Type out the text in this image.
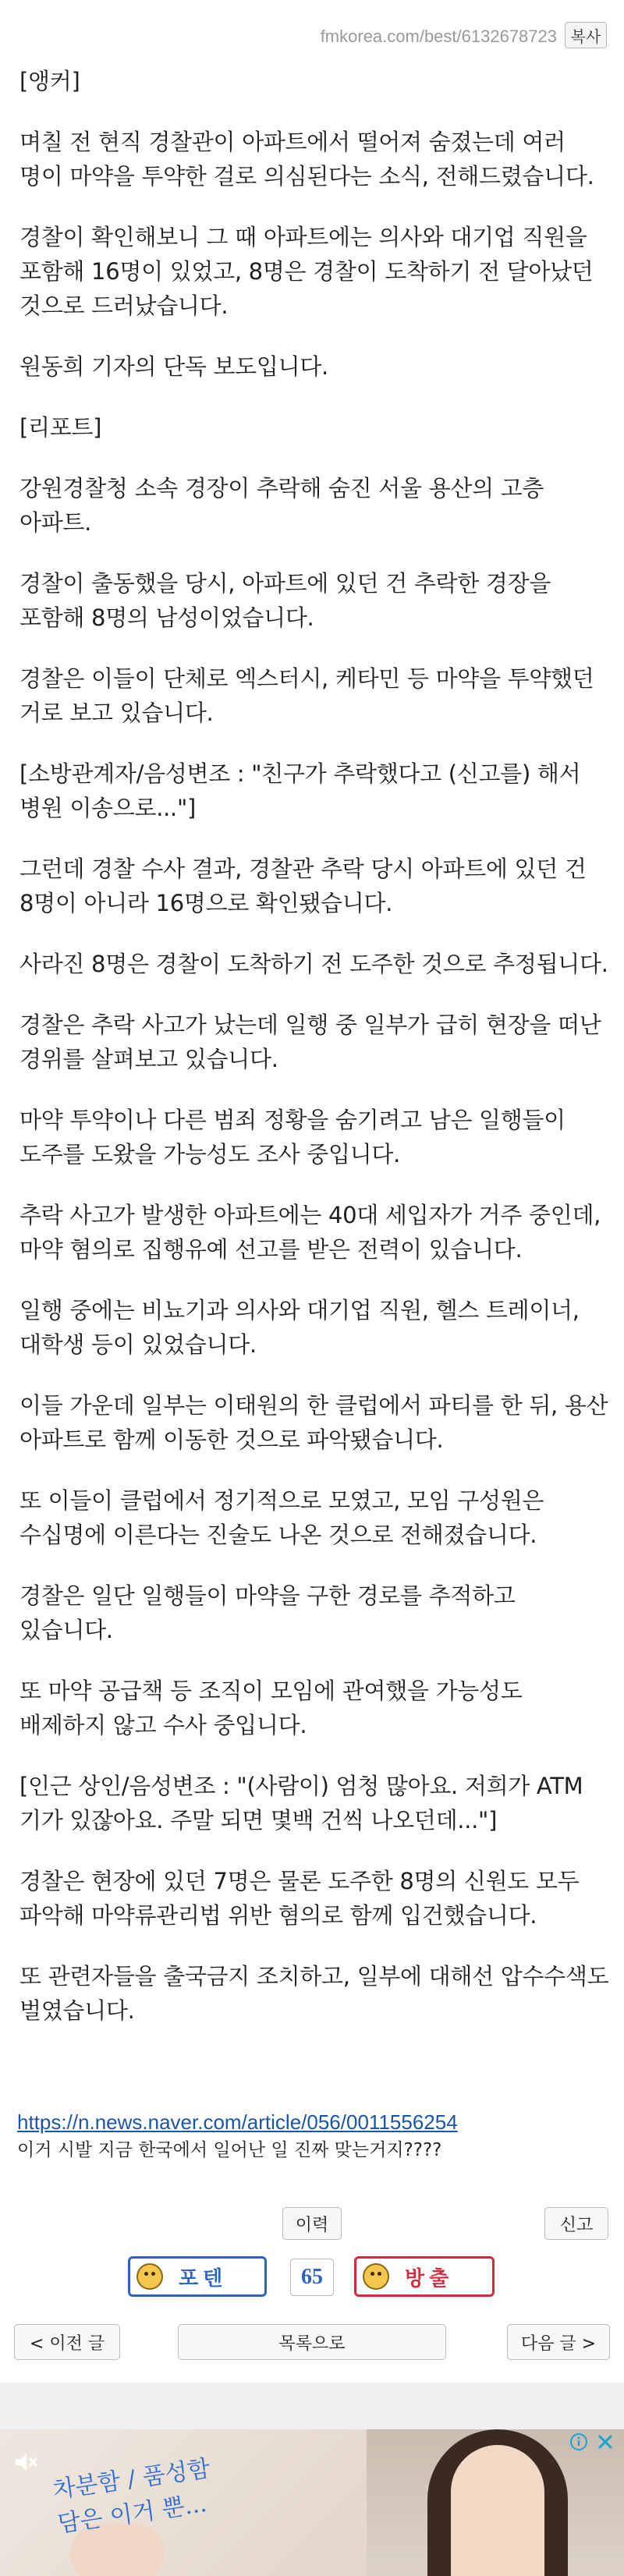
fmkorea.com/best/6132678723 복사

[앵커]

며칠 전 현직 경찰관이 아파트에서 떨어져 숨졌는데 여러 명이 마약을 투약한 걸로 의심된다는 소식, 전해드렸습니다.

경찰이 확인해보니 그 때 아파트에는 의사와 대기업 직원을 포함해 16명이 있었고, 8명은 경찰이 도착하기 전 달아났던 것으로 드러났습니다.

원동희 기자의 단독 보도입니다.

[리포트]

강원경찰청 소속 경장이 추락해 숨진 서울 용산의 고층 아파트.

경찰이 출동했을 당시, 아파트에 있던 건 추락한 경장을 포함해 8명의 남성이었습니다.

경찰은 이들이 단체로 엑스터시, 케타민 등 마약을 투약했던 거로 보고 있습니다.

[소방관계자/음성변조 : "친구가 추락했다고 (신고를) 해서 병원 이송으로..."]

그런데 경찰 수사 결과, 경찰관 추락 당시 아파트에 있던 건 8명이 아니라 16명으로 확인됐습니다.

사라진 8명은 경찰이 도착하기 전 도주한 것으로 추정됩니다.

경찰은 추락 사고가 났는데 일행 중 일부가 급히 현장을 떠난 경위를 살펴보고 있습니다.

마약 투약이나 다른 범죄 정황을 숨기려고 남은 일행들이 도주를 도왔을 가능성도 조사 중입니다.

추락 사고가 발생한 아파트에는 40대 세입자가 거주 중인데, 마약 혐의로 집행유예 선고를 받은 전력이 있습니다.

일행 중에는 비뇨기과 의사와 대기업 직원, 헬스 트레이너, 대학생 등이 있었습니다.

이들 가운데 일부는 이태원의 한 클럽에서 파티를 한 뒤, 용산 아파트로 함께 이동한 것으로 파악됐습니다.

또 이들이 클럽에서 정기적으로 모였고, 모임 구성원은 수십명에 이른다는 진술도 나온 것으로 전해졌습니다.

경찰은 일단 일행들이 마약을 구한 경로를 추적하고 있습니다.

또 마약 공급책 등 조직이 모임에 관여했을 가능성도 배제하지 않고 수사 중입니다.

[인근 상인/음성변조 : "(사람이) 엄청 많아요. 저희가 ATM 기가 있잖아요. 주말 되면 몇백 건씩 나오던데..."]

경찰은 현장에 있던 7명은 물론 도주한 8명의 신원도 모두 파악해 마약류관리법 위반 혐의로 함께 입건했습니다.

또 관련자들을 출국금지 조치하고, 일부에 대해선 압수수색도 벌였습니다.

https://n.news.naver.com/article/056/0011556254
이거 시발 지금 한국에서 일어난 일 진짜 맞는거지????
이력	신고
포텐	65	방출
< 이전 글	목록으로	다음 글 >
차분함 / 품성함 담은 이거 뿐...
